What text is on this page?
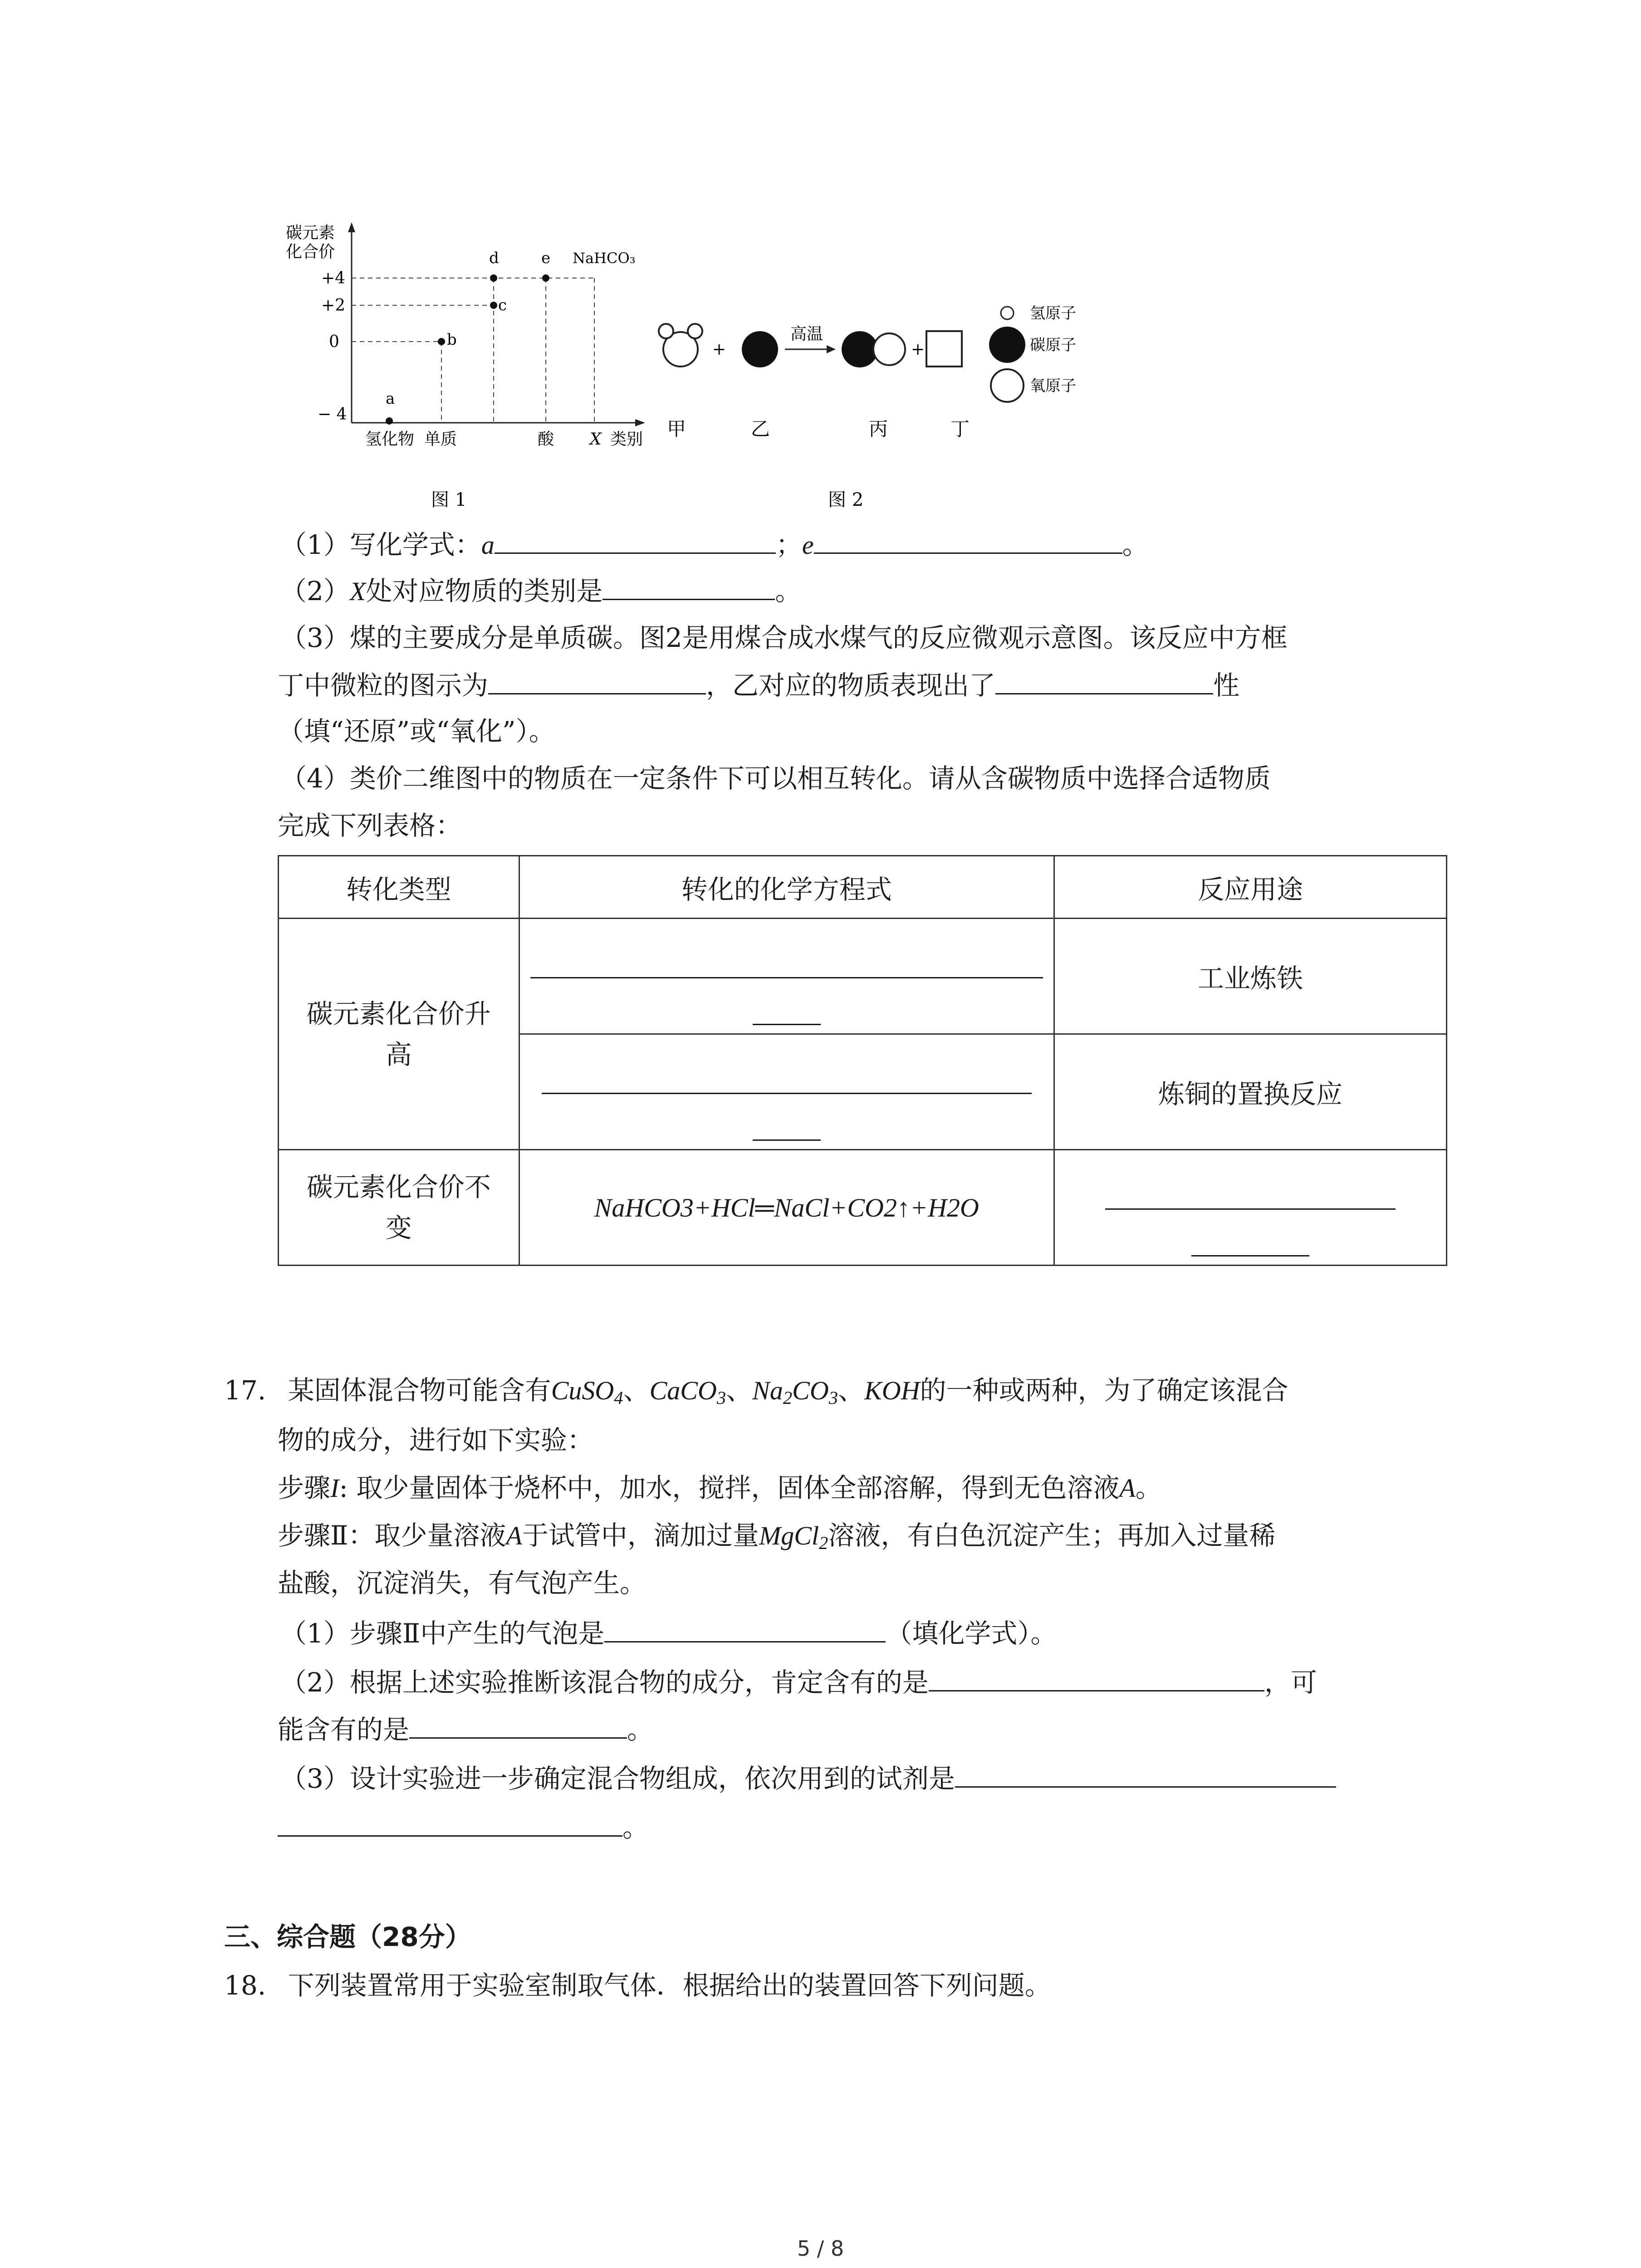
碳元素
化合价
+4
+2
0
− 4
a
b
c
d	e NaHCO₃
氢化物 单质	酸 X 类别
图 1
+
高温
+
氢原子
碳原子
氧原子
甲	乙	丙	丁
图 2
（1）写化学式：a	；e	。
（2）X处对应物质的类别是	。
（3）煤的主要成分是单质碳。图2是用煤合成水煤气的反应微观示意图。该反应中方框
丁中微粒的图示为	，乙对应的物质表现出了	性
（填“还原”或“氧化”）。
（4）类价二维图中的物质在一定条件下可以相互转化。请从含碳物质中选择合适物质
完成下列表格：
转化类型	转化的化学方程式	反应用途
碳元素化合价升高		工业炼铁

		炼铜的置换反应
碳元素化合价不变	NaHCO3+HCl═NaCl+CO2↑+H2O	
17. 某固体混合物可能含有CuSO$_4$、CaCO$_3$、$Na_2CO_3$、KOH的一种或两种，为了确定该混合
物的成分，进行如下实验：
步骤I: 取少量固体于烧杯中，加水，搅拌，固体全部溶解，得到无色溶液A。
步骤Ⅱ：取少量溶液A于试管中，滴加过量MgCl$_2$溶液，有白色沉淀产生；再加入过量稀
盐酸，沉淀消失，有气泡产生。
（1）步骤Ⅱ中产生的气泡是	（填化学式）。
（2）根据上述实验推断该混合物的成分，肯定含有的是	，可
能含有的是	。
（3）设计实验进一步确定混合物组成，依次用到的试剂是
。
三、综合题（28分）
18. 下列装置常用于实验室制取气体．根据给出的装置回答下列问题。
5 / 8
